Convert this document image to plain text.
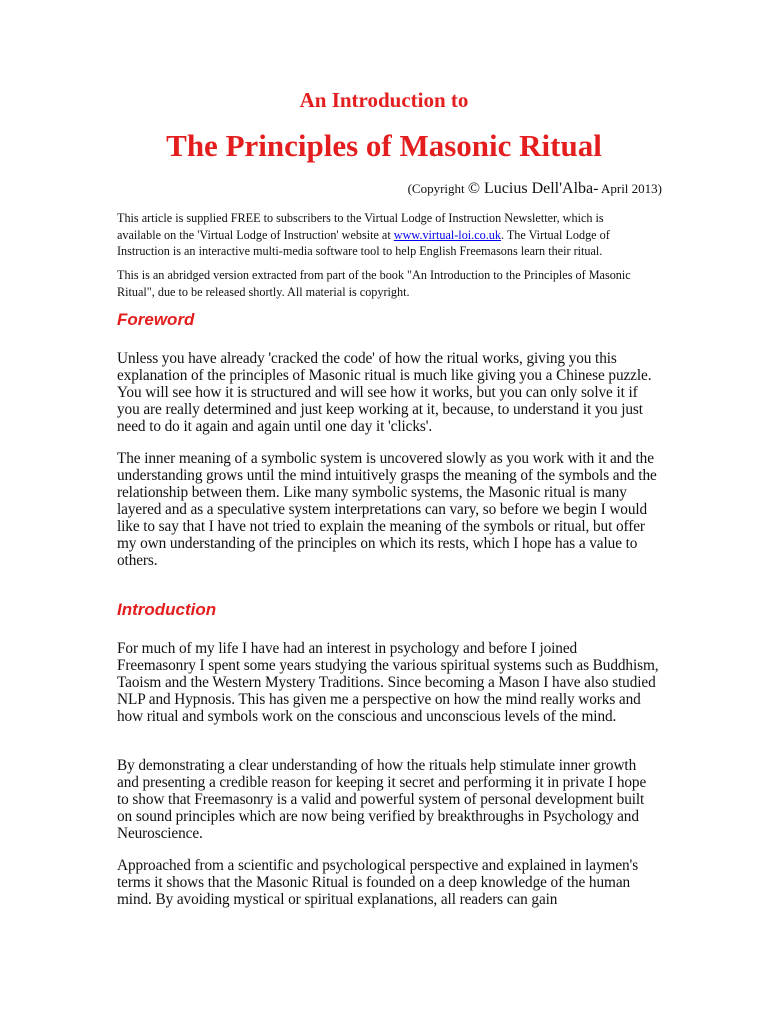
An Introduction to
The Principles of Masonic Ritual
(Copyright © Lucius Dell'Alba- April 2013)
This article is supplied FREE to subscribers to the Virtual Lodge of Instruction Newsletter, which is available on the 'Virtual Lodge of Instruction' website at www.virtual-loi.co.uk. The Virtual Lodge of Instruction is an interactive multi-media software tool to help English Freemasons learn their ritual.
This is an abridged version extracted from part of the book "An Introduction to the Principles of Masonic Ritual", due to be released shortly. All material is copyright.
Foreword
Unless you have already 'cracked the code' of how the ritual works, giving you this explanation of the principles of Masonic ritual is much like giving you a Chinese puzzle. You will see how it is structured and will see how it works, but you can only solve it if you are really determined and just keep working at it, because, to understand it you just need to do it again and again until one day it 'clicks'.
The inner meaning of a symbolic system is uncovered slowly as you work with it and the understanding grows until the mind intuitively grasps the meaning of the symbols and the relationship between them. Like many symbolic systems, the Masonic ritual is many layered and as a speculative system interpretations can vary, so before we begin I would like to say that I have not tried to explain the meaning of the symbols or ritual, but offer my own understanding of the principles on which its rests, which I hope has a value to others.
Introduction
For much of my life I have had an interest in psychology and before I joined Freemasonry I spent some years studying the various spiritual systems such as Buddhism, Taoism and the Western Mystery Traditions. Since becoming a Mason I have also studied NLP and Hypnosis. This has given me a perspective on how the mind really works and how ritual and symbols work on the conscious and unconscious levels of the mind.
By demonstrating a clear understanding of how the rituals help stimulate inner growth and presenting a credible reason for keeping it secret and performing it in private I hope to show that Freemasonry is a valid and powerful system of personal development built on sound principles which are now being verified by breakthroughs in Psychology and Neuroscience.
Approached from a scientific and psychological perspective and explained in laymen's terms it shows that the Masonic Ritual is founded on a deep knowledge of the human mind. By avoiding mystical or spiritual explanations, all readers can gain
